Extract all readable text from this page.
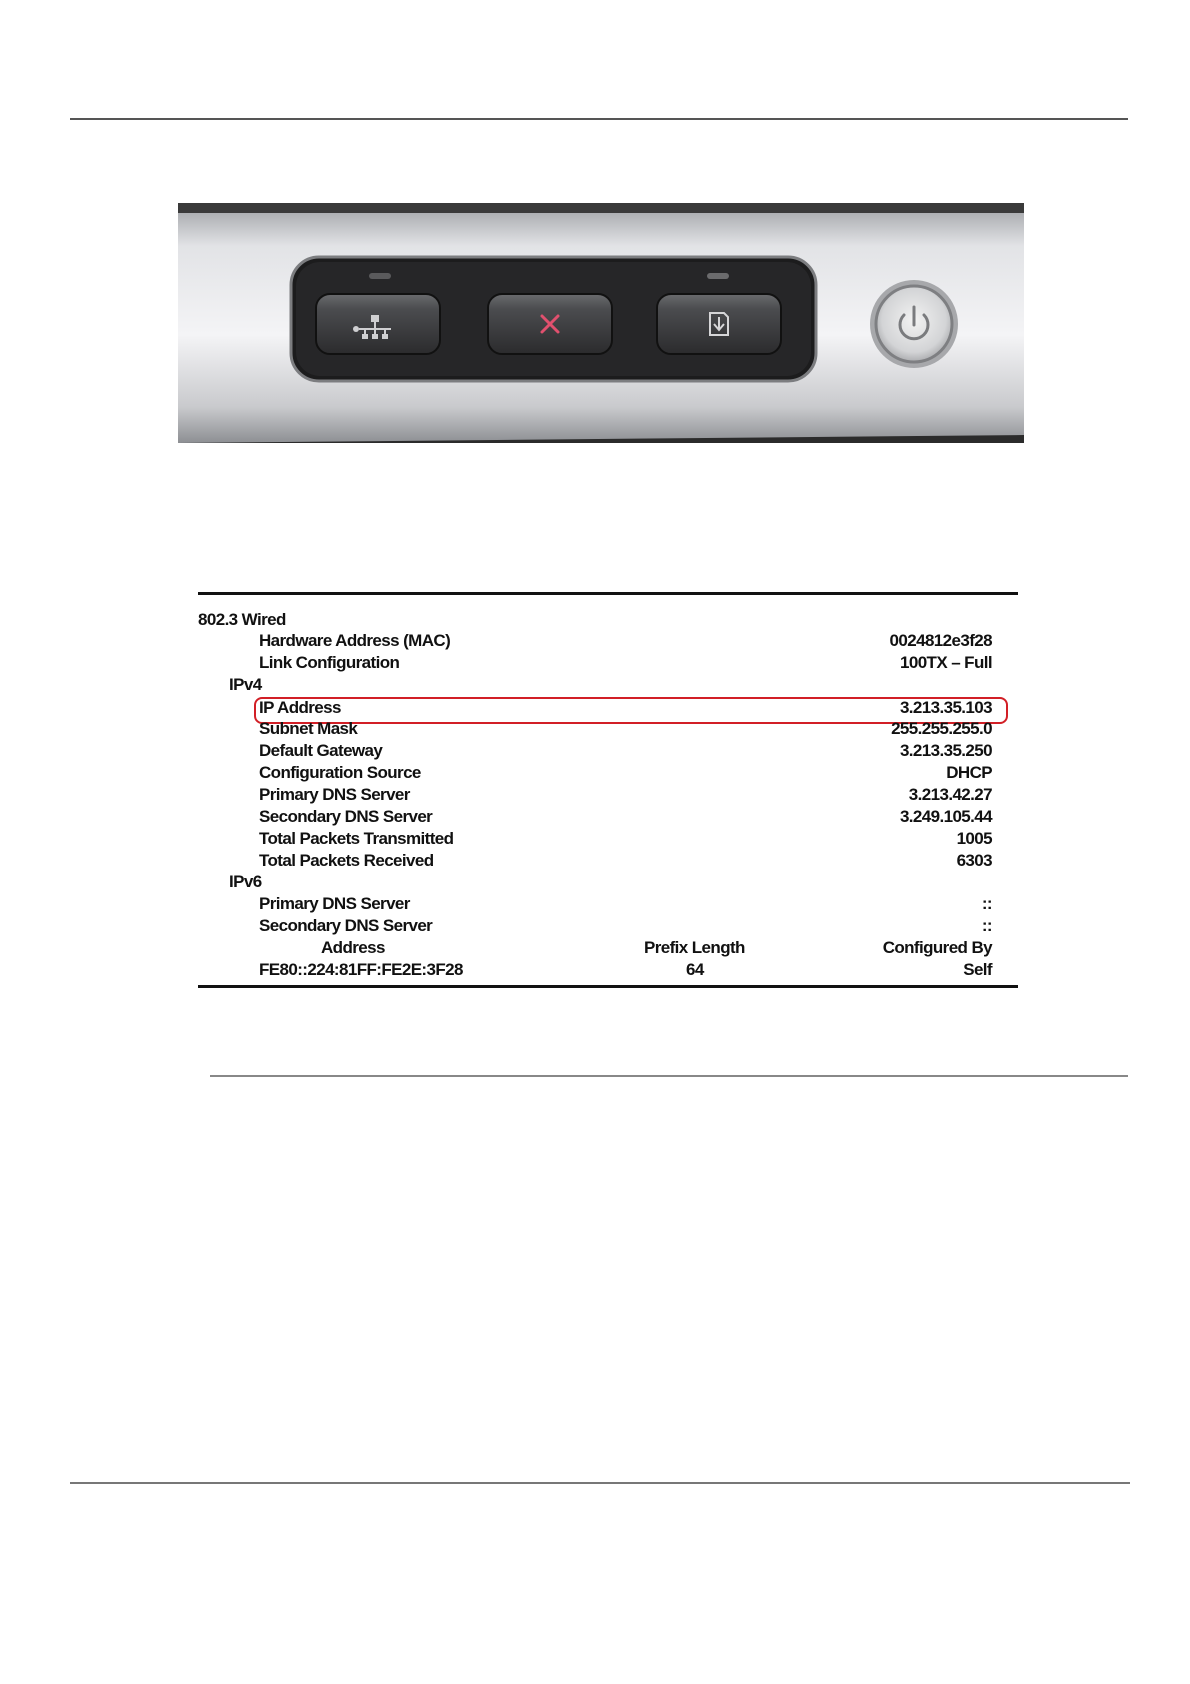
802.3 Wired
Hardware Address (MAC)	0024812e3f28
Link Configuration	100TX – Full
IPv4
IP Address	3.213.35.103
Subnet Mask	255.255.255.0
Default Gateway	3.213.35.250
Configuration Source	DHCP
Primary DNS Server	3.213.42.27
Secondary DNS Server	3.249.105.44
Total Packets Transmitted	1005
Total Packets Received	6303
IPv6
Primary DNS Server	::
Secondary DNS Server	::
Address	Prefix Length	Configured By
FE80::224:81FF:FE2E:3F28	64	Self
